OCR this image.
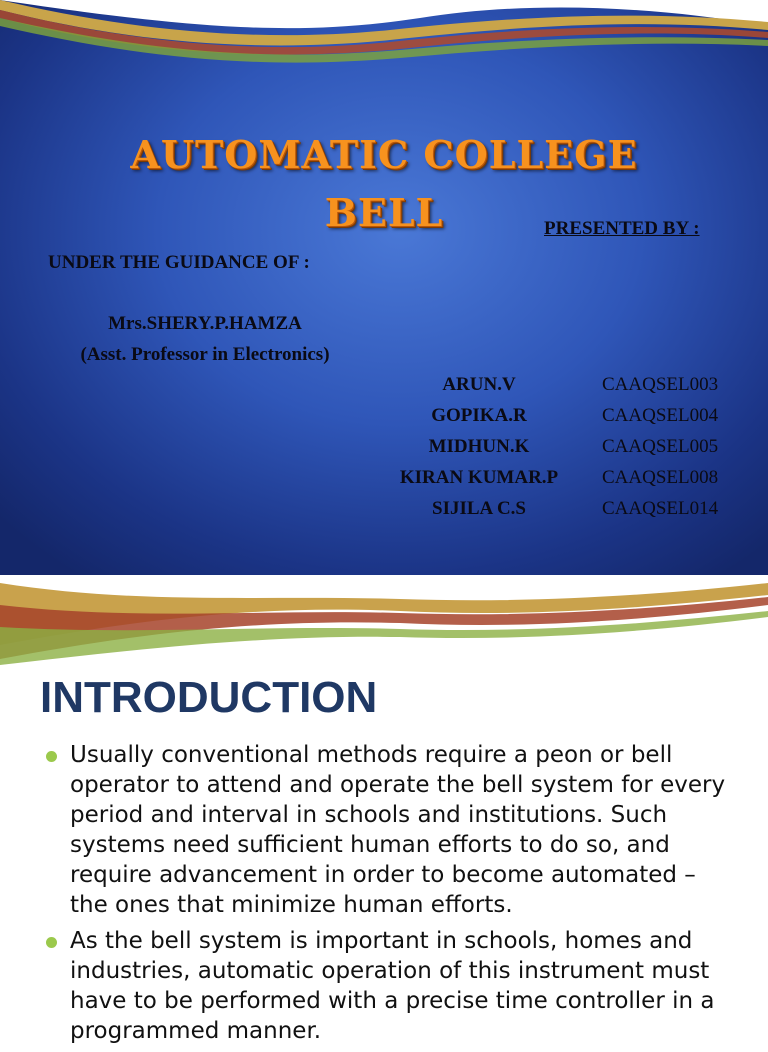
AUTOMATIC COLLEGE
BELL	PRESENTED BY :
UNDER THE GUIDANCE OF :
Mrs.SHERY.P.HAMZA
(Asst. Professor in Electronics)
ARUN.V	CAAQSEL003
GOPIKA.R	CAAQSEL004
MIDHUN.K	CAAQSEL005
KIRAN KUMAR.P	CAAQSEL008
SIJILA C.S	CAAQSEL014
INTRODUCTION
Usually conventional methods require a peon or bell operator to attend and operate the bell system for every period and interval in schools and institutions. Such systems need sufficient human efforts to do so, and require advancement in order to become automated – the ones that minimize human efforts.
As the bell system is important in schools, homes and industries, automatic operation of this instrument must have to be performed with a precise time controller in a programmed manner.
